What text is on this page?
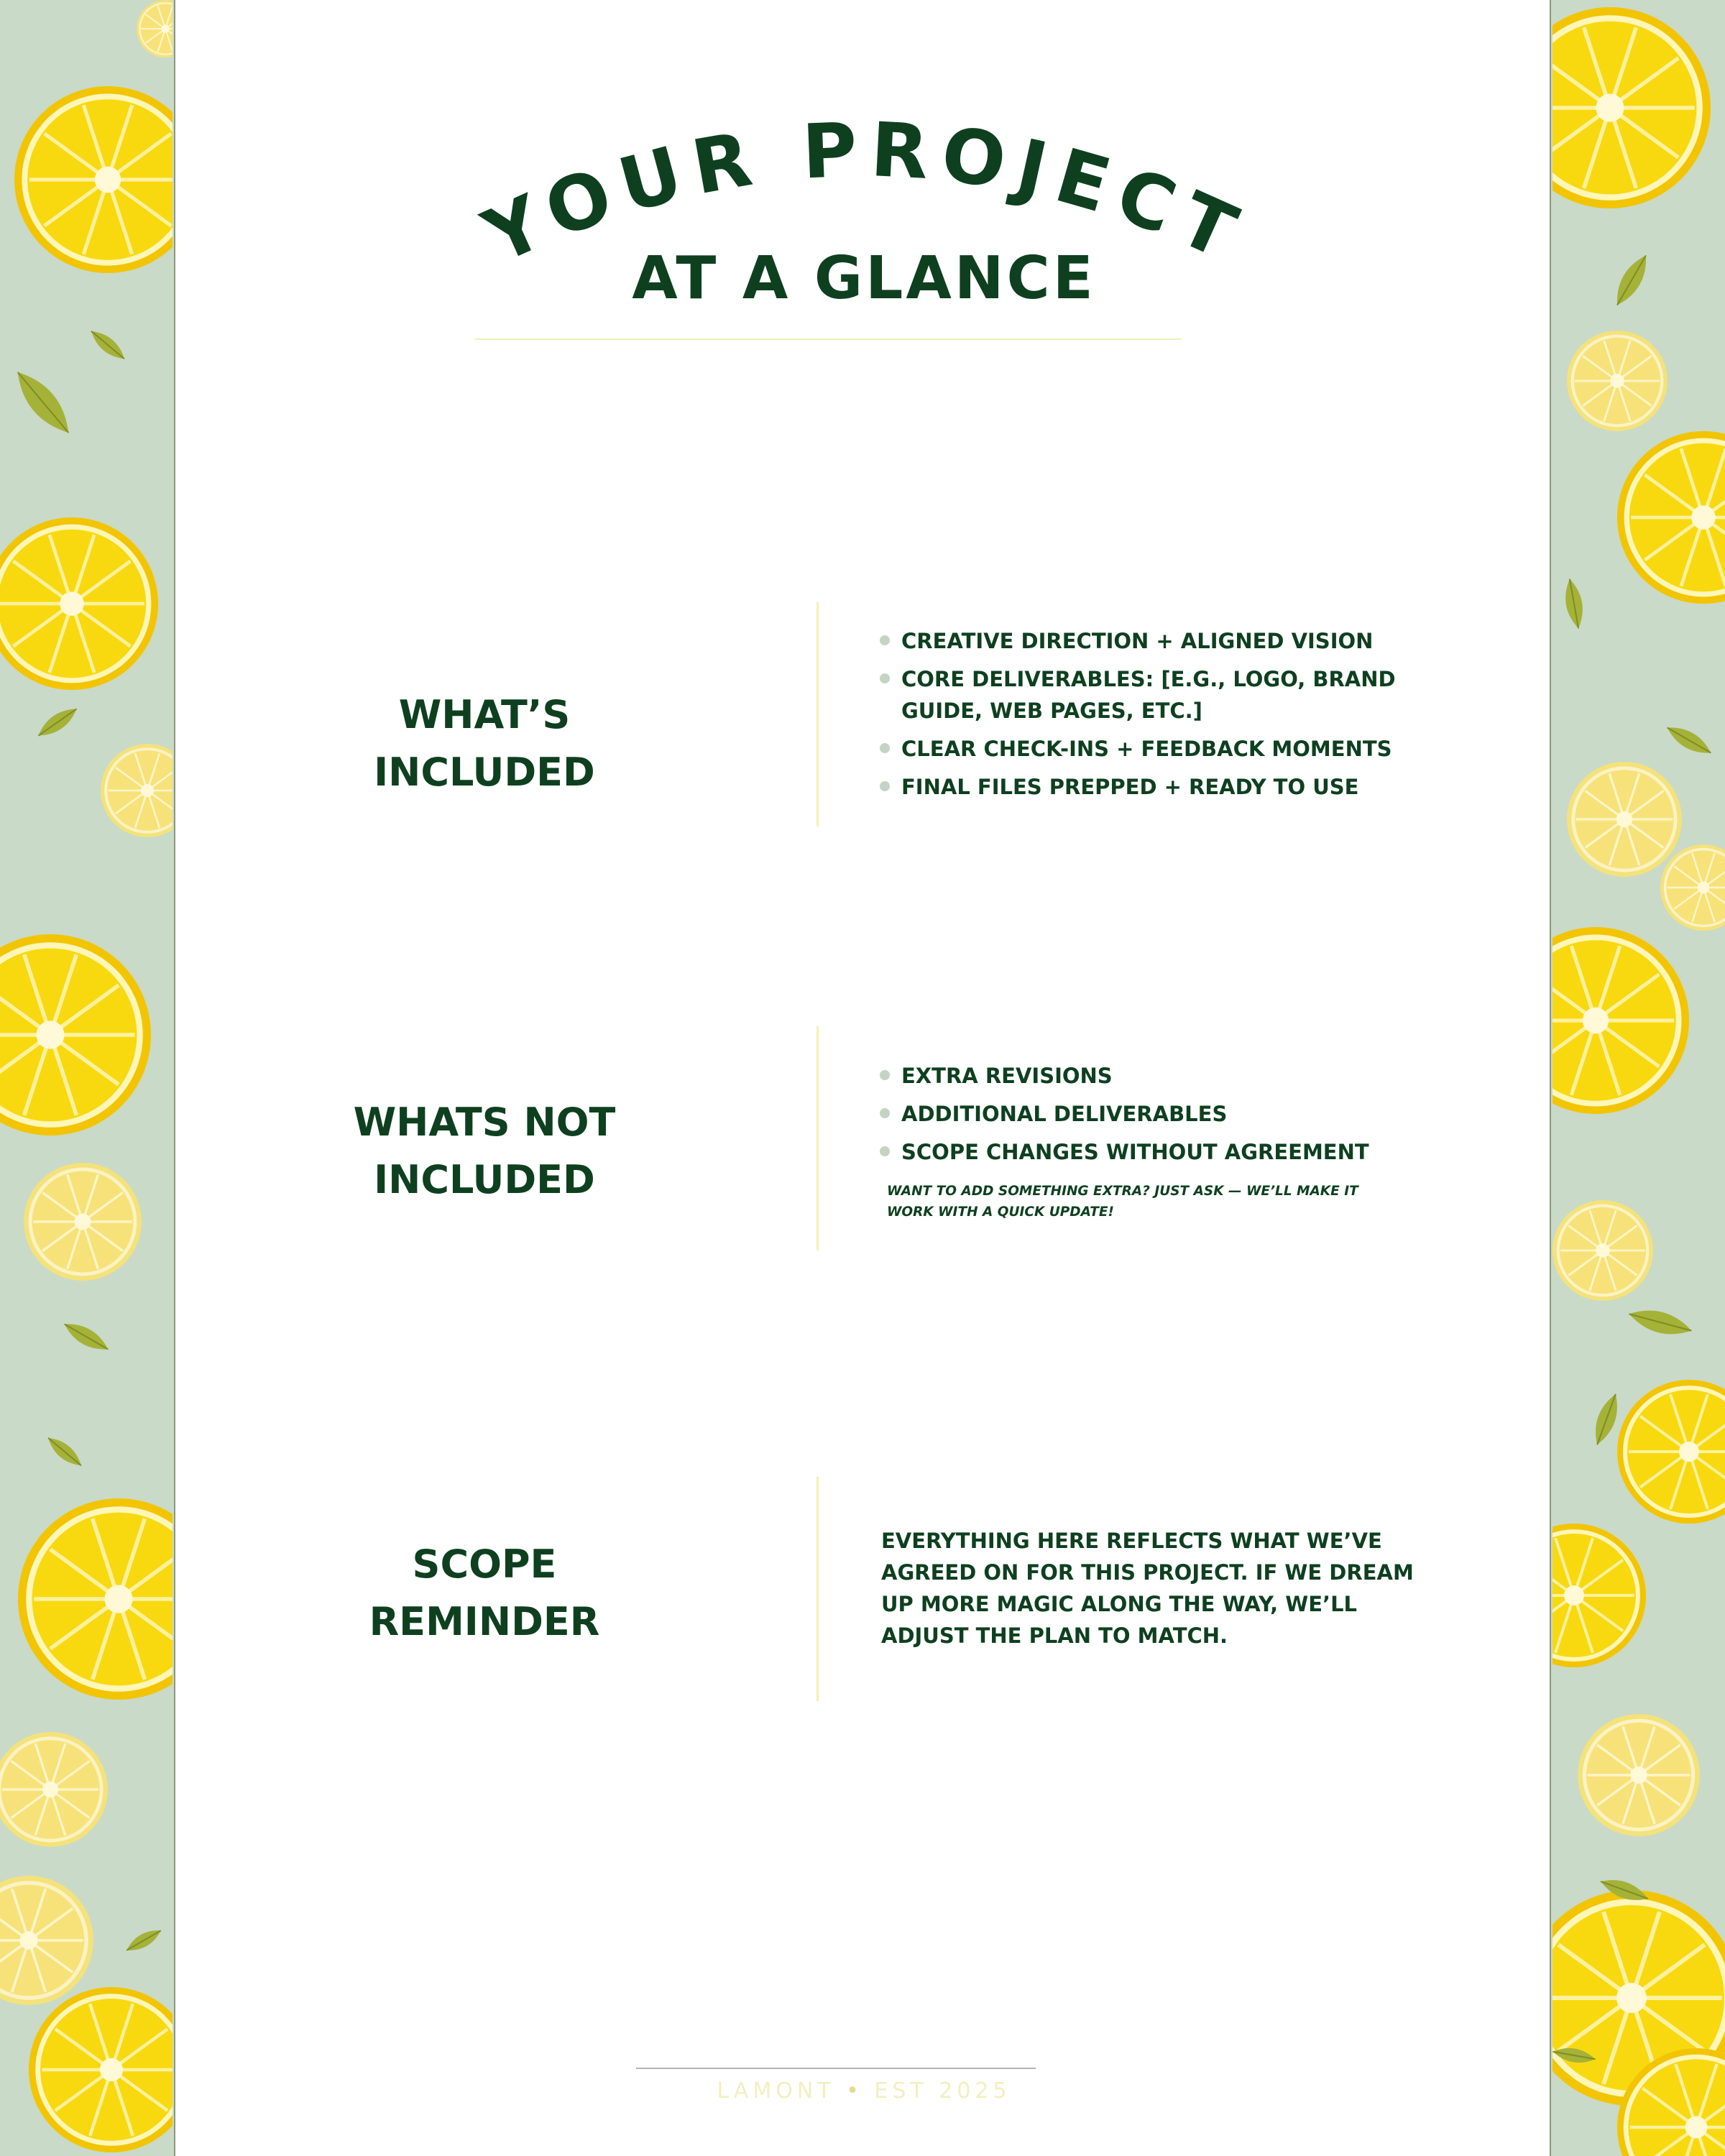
YOUR PROJECT
AT A GLANCE
WHAT’S
INCLUDED
CREATIVE DIRECTION + ALIGNED VISION
CORE DELIVERABLES: [E.G., LOGO, BRAND GUIDE, WEB PAGES, ETC.]
CLEAR CHECK-INS + FEEDBACK MOMENTS
FINAL FILES PREPPED + READY TO USE
WHATS NOT
INCLUDED
EXTRA REVISIONS
ADDITIONAL DELIVERABLES
SCOPE CHANGES WITHOUT AGREEMENT
WANT TO ADD SOMETHING EXTRA? JUST ASK — WE’LL MAKE IT WORK WITH A QUICK UPDATE!
SCOPE
REMINDER
EVERYTHING HERE REFLECTS WHAT WE’VE AGREED ON FOR THIS PROJECT. IF WE DREAM UP MORE MAGIC ALONG THE WAY, WE’LL ADJUST THE PLAN TO MATCH.
LAMONT • EST 2025
